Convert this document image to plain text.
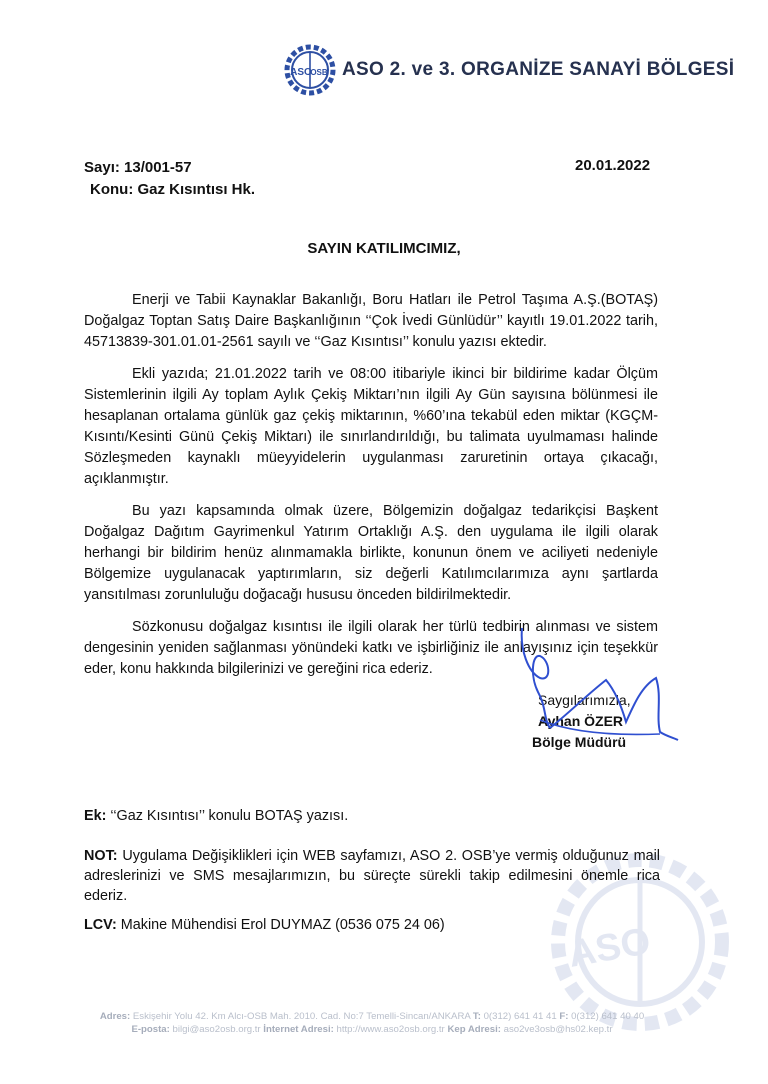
ASO
ASO
OSB ASO 2. ve 3. ORGANİZE SANAYİ BÖLGESİ
Sayı: 13/001-57
Konu: Gaz Kısıntısı Hk.
20.01.2022
SAYIN KATILIMCIMIZ,

Enerji ve Tabii Kaynaklar Bakanlığı, Boru Hatları ile Petrol Taşıma A.Ş.(BOTAŞ) Doğalgaz Toptan Satış Daire Başkanlığının ‘‘Çok İvedi Günlüdür’’ kayıtlı 19.01.2022 tarih, 45713839-301.01.01-2561 sayılı ve ‘‘Gaz Kısıntısı’’ konulu yazısı ektedir.

Ekli yazıda; 21.01.2022 tarih ve 08:00 itibariyle ikinci bir bildirime kadar Ölçüm Sistemlerinin ilgili Ay toplam Aylık Çekiş Miktarı’nın ilgili Ay Gün sayısına bölünmesi ile hesaplanan ortalama günlük gaz çekiş miktarının, %60’ına tekabül eden miktar (KGÇM-Kısıntı/Kesinti Günü Çekiş Miktarı) ile sınırlandırıldığı, bu talimata uyulmaması halinde Sözleşmeden kaynaklı müeyyidelerin uygulanması zaruretinin ortaya çıkacağı, açıklanmıştır.

Bu yazı kapsamında olmak üzere, Bölgemizin doğalgaz tedarikçisi Başkent Doğalgaz Dağıtım Gayrimenkul Yatırım Ortaklığı A.Ş. den uygulama ile ilgili olarak herhangi bir bildirim henüz alınmamakla birlikte, konunun önem ve aciliyeti nedeniyle Bölgemize uygulanacak yaptırımların, siz değerli Katılımcılarımıza aynı şartlarda yansıtılması zorunluluğu doğacağı hususu önceden bildirilmektedir.

Sözkonusu doğalgaz kısıntısı ile ilgili olarak her türlü tedbirin alınması ve sistem dengesinin yeniden sağlanması yönündeki katkı ve işbirliğiniz ile anlayışınız için teşekkür eder, konu hakkında bilgilerinizi ve gereğini rica ederiz.

Saygılarımızla,
Ayhan ÖZER
Bölge Müdürü
Ek: ‘‘Gaz Kısıntısı’’ konulu BOTAŞ yazısı.
NOT: Uygulama Değişiklikleri için WEB sayfamızı, ASO 2. OSB’ye vermiş olduğunuz mail adreslerinizi ve SMS mesajlarımızın, bu süreçte sürekli takip edilmesini önemle rica ederiz.
LCV: Makine Mühendisi Erol DUYMAZ (0536 075 24 06)
Adres: Eskişehir Yolu 42. Km Alcı-OSB Mah. 2010. Cad. No:7 Temelli-Sincan/ANKARA T: 0(312) 641 41 41 F: 0(312) 641 40 40
E-posta: bilgi@aso2osb.org.tr İnternet Adresi: http://www.aso2osb.org.tr Kep Adresi: aso2ve3osb@hs02.kep.tr
